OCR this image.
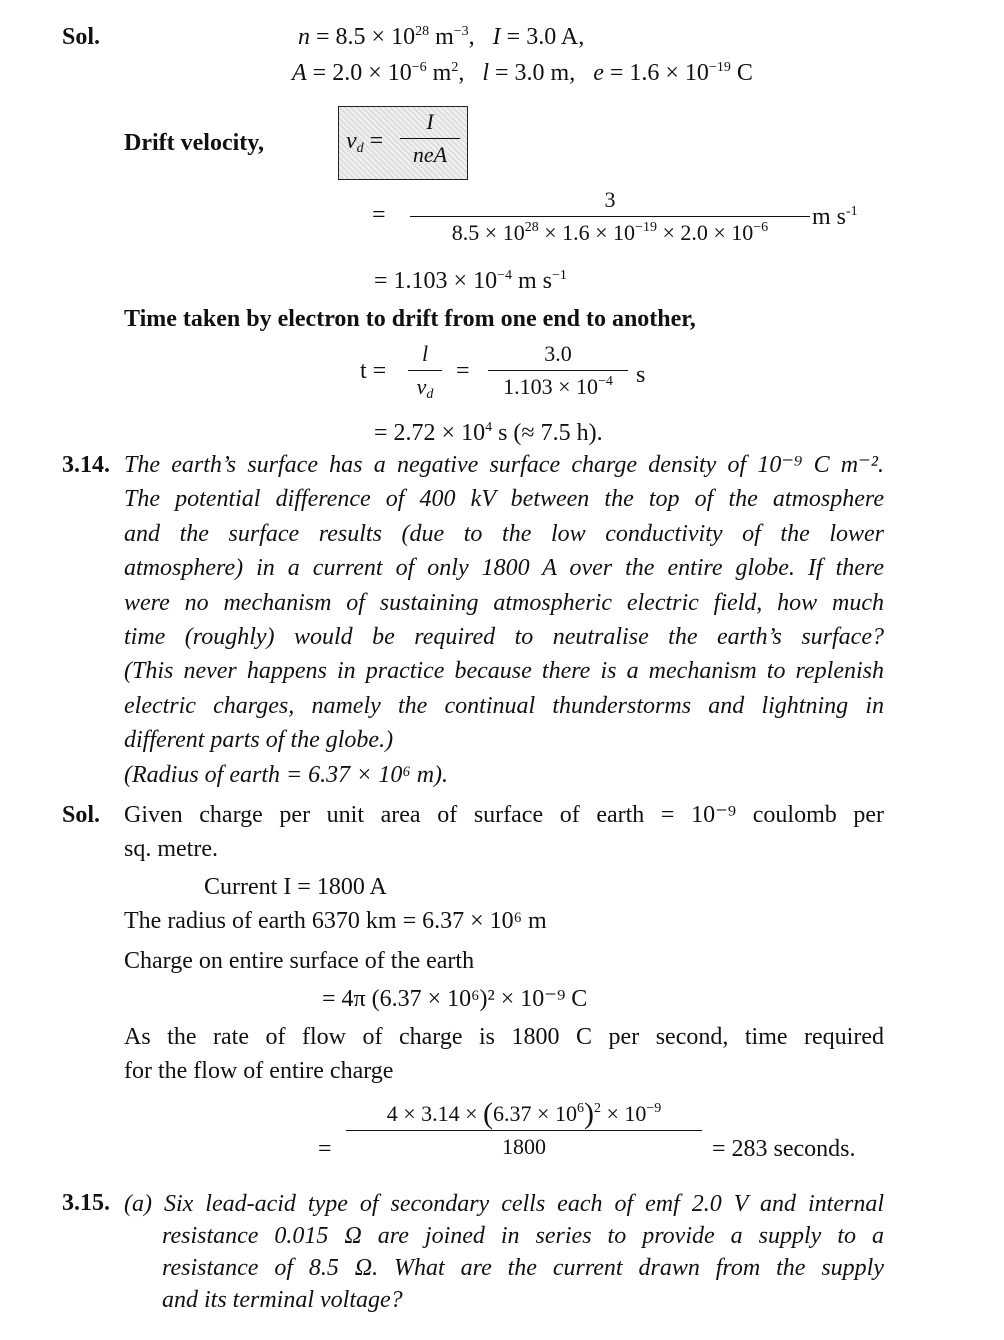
Sol.	$n = 8.5 \times 10^{28}$ $m^{-3}$,   I = 3.0 A,
$A = 2.0 \times 10^{-6}$ $m^2$,   l = 3.0 m,   $e = 1.6 \times 10^{-19}$ C
Drift velocity,	$v_d$ =
I
neA
=
3
$8.5 \times 10^{28} \times 1.6 \times 10^{-19} \times 2.0 \times 10^{-6}$ m $s^{-1}$
= $1.103 \times 10^{-4}$ m $s^{-1}$
Time taken by electron to drift from one end to another,
t =
l
$v_d$
=
3.0
$1.103 \times 10^{-4}$ s
= $2.72 \times 10^4$ s (≈ 7.5 h).
3.14. The earth’s surface has a negative surface charge density of 10⁻⁹ C m⁻².
The potential difference of 400 kV between the top of the atmosphere
and the surface results (due to the low conductivity of the lower
atmosphere) in a current of only 1800 A over the entire globe. If there
were no mechanism of sustaining atmospheric electric field, how much
time (roughly) would be required to neutralise the earth’s surface?
(This never happens in practice because there is a mechanism to replenish
electric charges, namely the continual thunderstorms and lightning in
different parts of the globe.)
(Radius of earth = 6.37 × 10⁶ m).
Sol. Given charge per unit area of surface of earth = 10⁻⁹ coulomb per
sq. metre.
Current I = 1800 A
The radius of earth 6370 km = 6.37 × 10⁶ m
Charge on entire surface of the earth
= 4π (6.37 × 10⁶)² × 10⁻⁹ C
As the rate of flow of charge is 1800 C per second, time required
for the flow of entire charge
=
$4 \times 3.14 \times (6.37 \times 10^6)^2 \times 10^{-9}$
1800	= 283 seconds.
3.15. (a) Six lead-acid type of secondary cells each of emf 2.0 V and internal
resistance 0.015 Ω are joined in series to provide a supply to a
resistance of 8.5 Ω. What are the current drawn from the supply
and its terminal voltage?
